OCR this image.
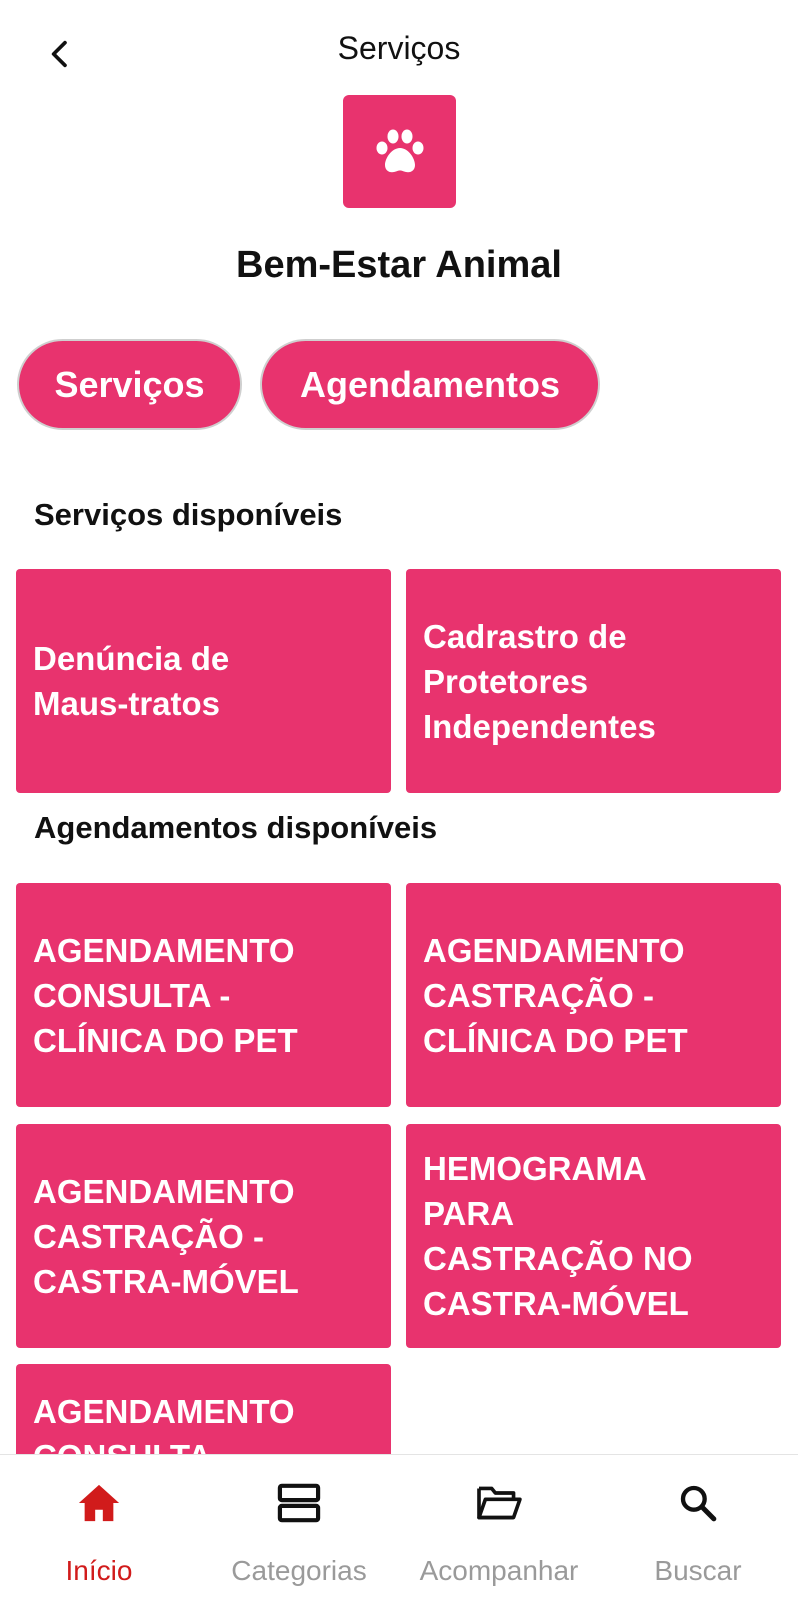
Serviços
Bem-Estar Animal
Serviços	Agendamentos
Serviços disponíveis
Denúncia de
Maus-tratos
Cadrastro de
Protetores
Independentes
Agendamentos disponíveis
AGENDAMENTO
CONSULTA -
CLÍNICA DO PET
AGENDAMENTO
CASTRAÇÃO -
CLÍNICA DO PET
AGENDAMENTO
CASTRAÇÃO -
CASTRA-MÓVEL
HEMOGRAMA
PARA
CASTRAÇÃO NO
CASTRA-MÓVEL
AGENDAMENTO

Início	Categorias	Acompanhar	Buscar
